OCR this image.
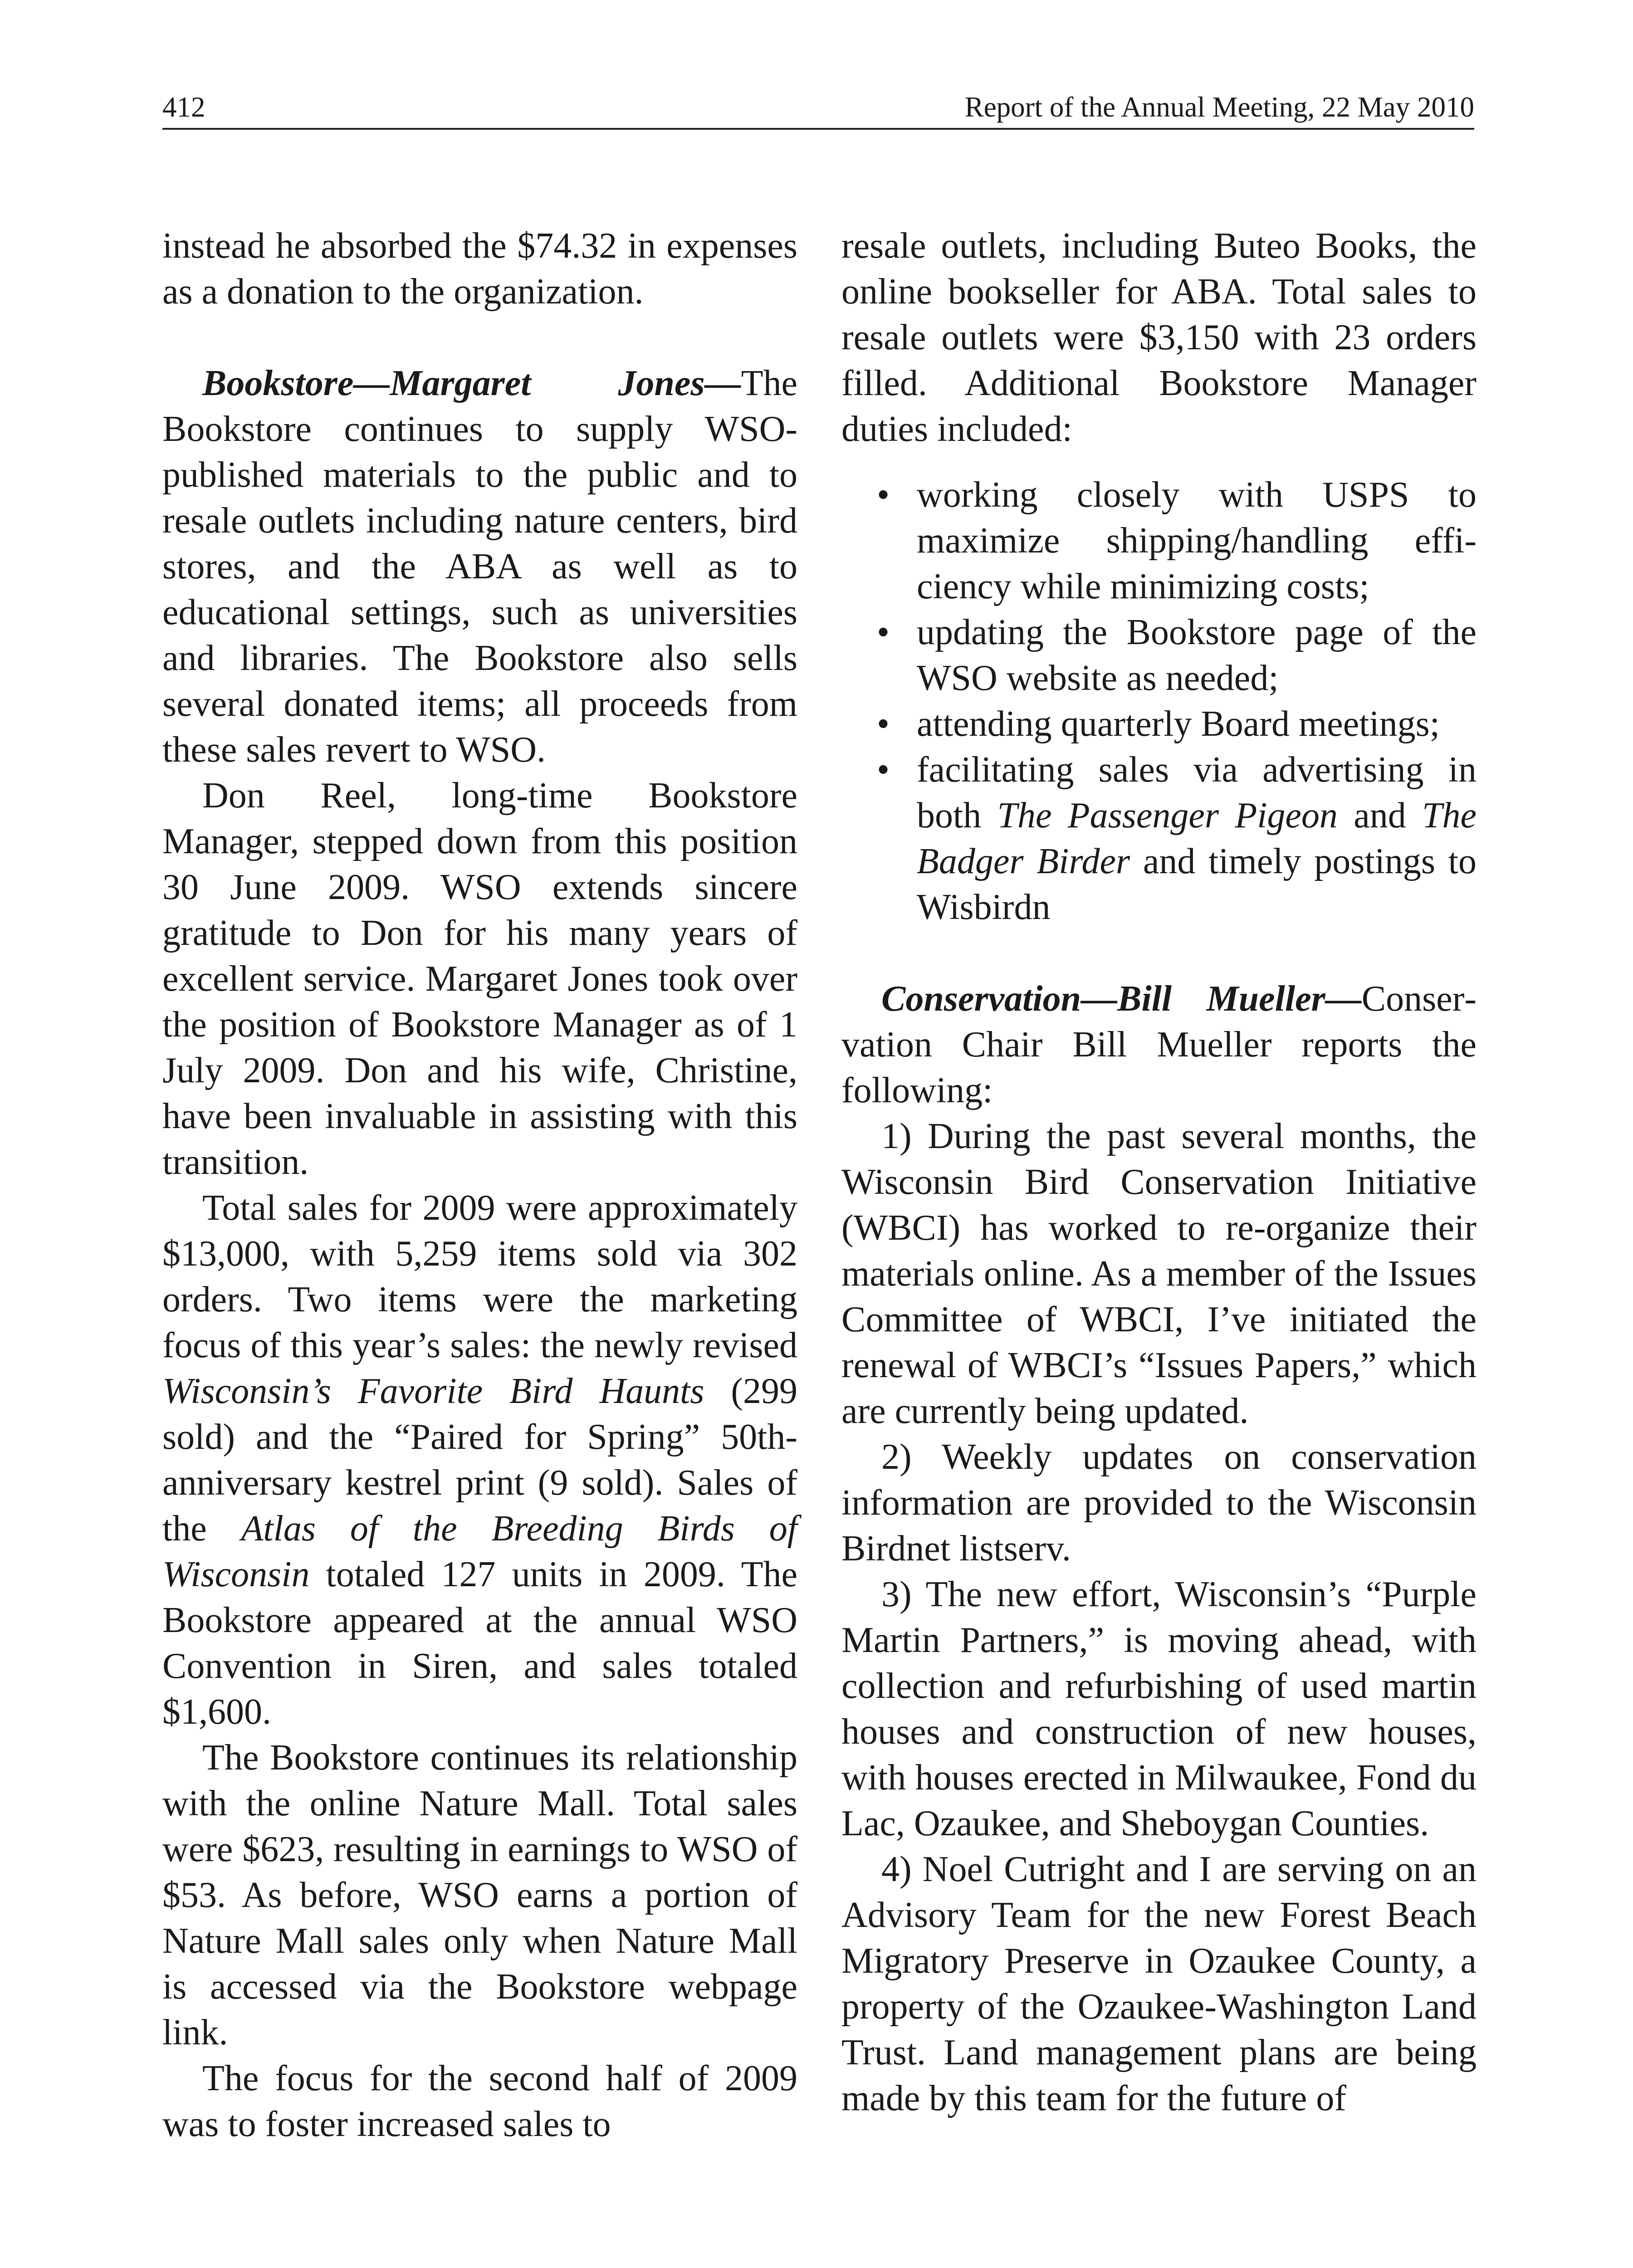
412	Report of the Annual Meeting, 22 May 2010

instead he absorbed the $74.32 in expenses as a donation to the organization.

Bookstore—Margaret Jones—The Bookstore continues to supply WSO-published materials to the public and to resale outlets including nature centers, bird stores, and the ABA as well as to educational settings, such as universities and libraries. The Bookstore also sells several donated items; all proceeds from these sales revert to WSO.

Don Reel, long-time Bookstore Manager, stepped down from this position 30 June 2009. WSO extends sincere gratitude to Don for his many years of excellent service. Margaret Jones took over the position of Bookstore Manager as of 1 July 2009. Don and his wife, Christine, have been invaluable in assisting with this transition.

Total sales for 2009 were approximately $13,000, with 5,259 items sold via 302 orders. Two items were the marketing focus of this year’s sales: the newly revised Wisconsin’s Favorite Bird Haunts (299 sold) and the “Paired for Spring” 50th-anniversary kestrel print (9 sold). Sales of the Atlas of the Breeding Birds of Wisconsin totaled 127 units in 2009. The Bookstore appeared at the annual WSO Convention in Siren, and sales totaled $1,600.

The Bookstore continues its relationship with the online Nature Mall. Total sales were $623, resulting in earnings to WSO of $53. As before, WSO earns a portion of Nature Mall sales only when Nature Mall is accessed via the Bookstore webpage link.

The focus for the second half of 2009 was to foster increased sales to

resale outlets, including Buteo Books, the online bookseller for ABA. Total sales to resale outlets were $3,150 with 23 orders filled. Additional Bookstore Manager duties included:

• working closely with USPS to maximize shipping/handling efficiency while minimizing costs;
• updating the Bookstore page of the WSO website as needed;
• attending quarterly Board meetings;
• facilitating sales via advertising in both The Passenger Pigeon and The Badger Birder and timely postings to Wisbirdn

Conservation—Bill Mueller—Conservation Chair Bill Mueller reports the following:

1) During the past several months, the Wisconsin Bird Conservation Initiative (WBCI) has worked to re-organize their materials online. As a member of the Issues Committee of WBCI, I’ve initiated the renewal of WBCI’s “Issues Papers,” which are currently being updated.

2) Weekly updates on conservation information are provided to the Wisconsin Birdnet listserv.

3) The new effort, Wisconsin’s “Purple Martin Partners,” is moving ahead, with collection and refurbishing of used martin houses and construction of new houses, with houses erected in Milwaukee, Fond du Lac, Ozaukee, and Sheboygan Counties.

4) Noel Cutright and I are serving on an Advisory Team for the new Forest Beach Migratory Preserve in Ozaukee County, a property of the Ozaukee-Washington Land Trust. Land management plans are being made by this team for the future of
